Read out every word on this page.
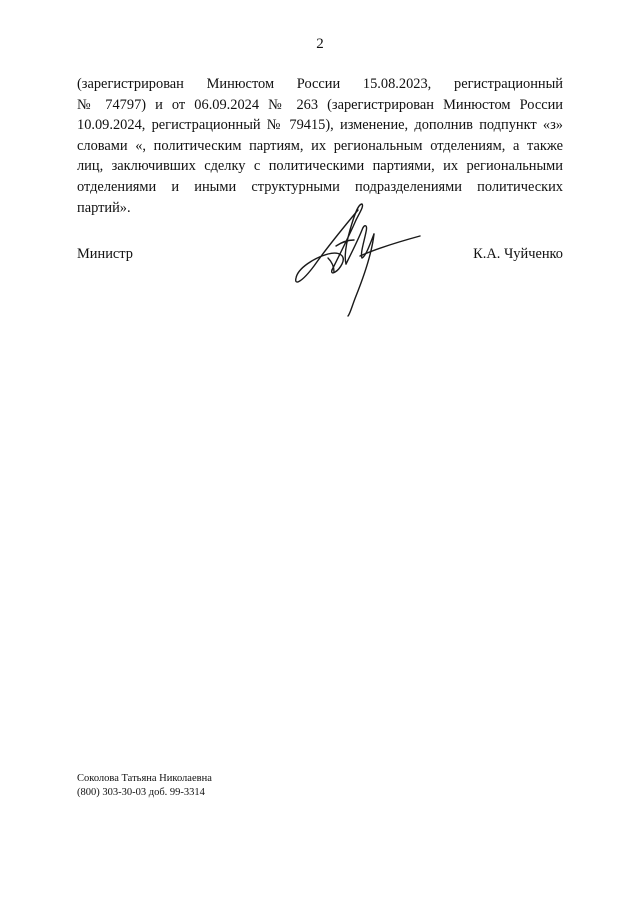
2
(зарегистрирован Минюстом России 15.08.2023, регистрационный
№ 74797) и от 06.09.2024 № 263 (зарегистрирован Минюстом России
10.09.2024, регистрационный № 79415), изменение, дополнив подпункт «з»
словами «, политическим партиям, их региональным отделениям, а также
лиц, заключивших сделку с политическими партиями, их региональными
отделениями и иными структурными подразделениями политических
партий».
Министр	К.А. Чуйченко
Соколова Татьяна Николаевна
(800) 303-30-03 доб. 99-3314
